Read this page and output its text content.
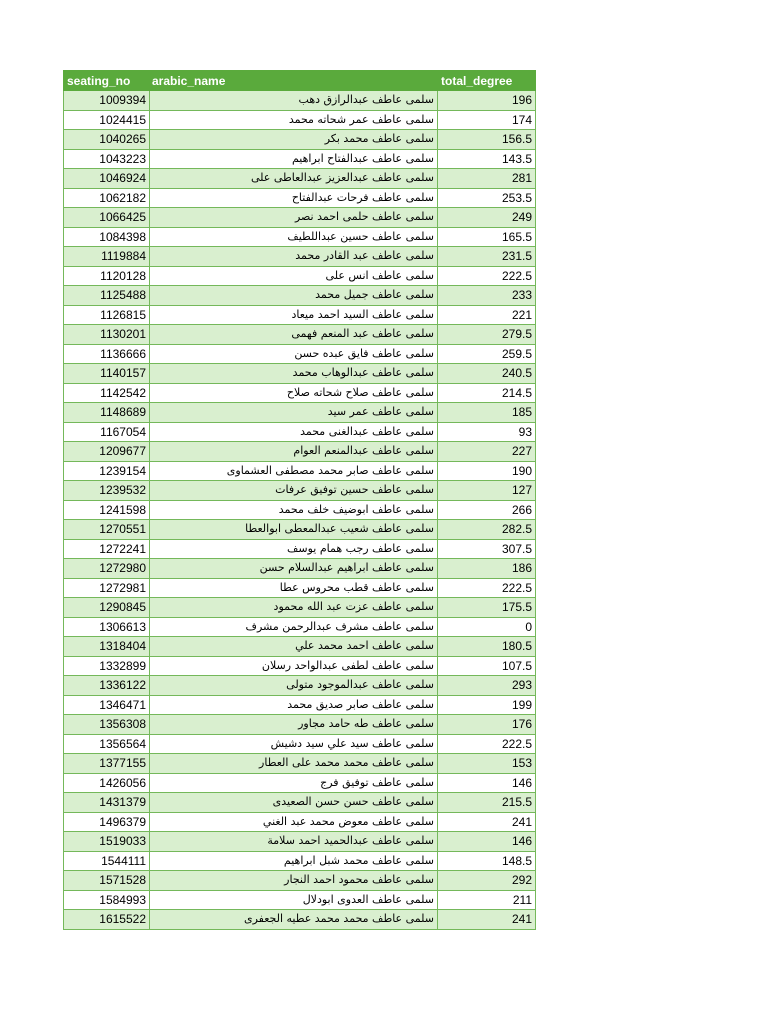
seating_no	arabic_name	total_degree
1009394	سلمى عاطف عبدالرازق دهب	196
1024415	سلمى عاطف عمر شحاته محمد	174
1040265	سلمى عاطف محمد بكر	156.5
1043223	سلمى عاطف عبدالفتاح ابراهيم	143.5
1046924	سلمى عاطف عبدالعزيز عبدالعاطى على	281
1062182	سلمى عاطف فرحات عبدالفتاح	253.5
1066425	سلمى عاطف حلمى احمد نصر	249
1084398	سلمى عاطف حسين عبداللطيف	165.5
1119884	سلمى عاطف عبد القادر محمد	231.5
1120128	سلمى عاطف انس على	222.5
1125488	سلمى عاطف جميل محمد	233
1126815	سلمى عاطف السيد احمد ميعاد	221
1130201	سلمى عاطف عبد المنعم فهمى	279.5
1136666	سلمى عاطف فايق عبده حسن	259.5
1140157	سلمى عاطف عبدالوهاب محمد	240.5
1142542	سلمى عاطف صلاح شحاته صلاح	214.5
1148689	سلمى عاطف عمر سيد	185
1167054	سلمى عاطف عبدالغنى محمد	93
1209677	سلمى عاطف عبدالمنعم العوام	227
1239154	سلمى عاطف صابر محمد مصطفى العشماوى	190
1239532	سلمى عاطف حسين توفيق عرفات	127
1241598	سلمى عاطف ابوضيف خلف محمد	266
1270551	سلمى عاطف شعيب عبدالمعطى ابوالعطا	282.5
1272241	سلمى عاطف رجب همام يوسف	307.5
1272980	سلمى عاطف ابراهيم عبدالسلام حسن	186
1272981	سلمى عاطف قطب محروس عطا	222.5
1290845	سلمى عاطف عزت عبد الله محمود	175.5
1306613	سلمى عاطف مشرف عبدالرحمن مشرف	0
1318404	سلمى عاطف احمد محمد علي	180.5
1332899	سلمى عاطف لطفى عبدالواحد رسلان	107.5
1336122	سلمى عاطف عبدالموجود متولى	293
1346471	سلمى عاطف صابر صديق محمد	199
1356308	سلمى عاطف طه حامد مجاور	176
1356564	سلمى عاطف سيد علي سيد دشيش	222.5
1377155	سلمى عاطف محمد محمد على العطار	153
1426056	سلمى عاطف توفيق فرج	146
1431379	سلمى عاطف حسن حسن الصعيدى	215.5
1496379	سلمى عاطف معوض محمد عبد الغني	241
1519033	سلمى عاطف عبدالحميد احمد سلامة	146
1544111	سلمى عاطف محمد شبل ابراهيم	148.5
1571528	سلمى عاطف محمود احمد النجار	292
1584993	سلمى عاطف العدوى ابودلال	211
1615522	سلمى عاطف محمد محمد عطيه الجعفرى	241
